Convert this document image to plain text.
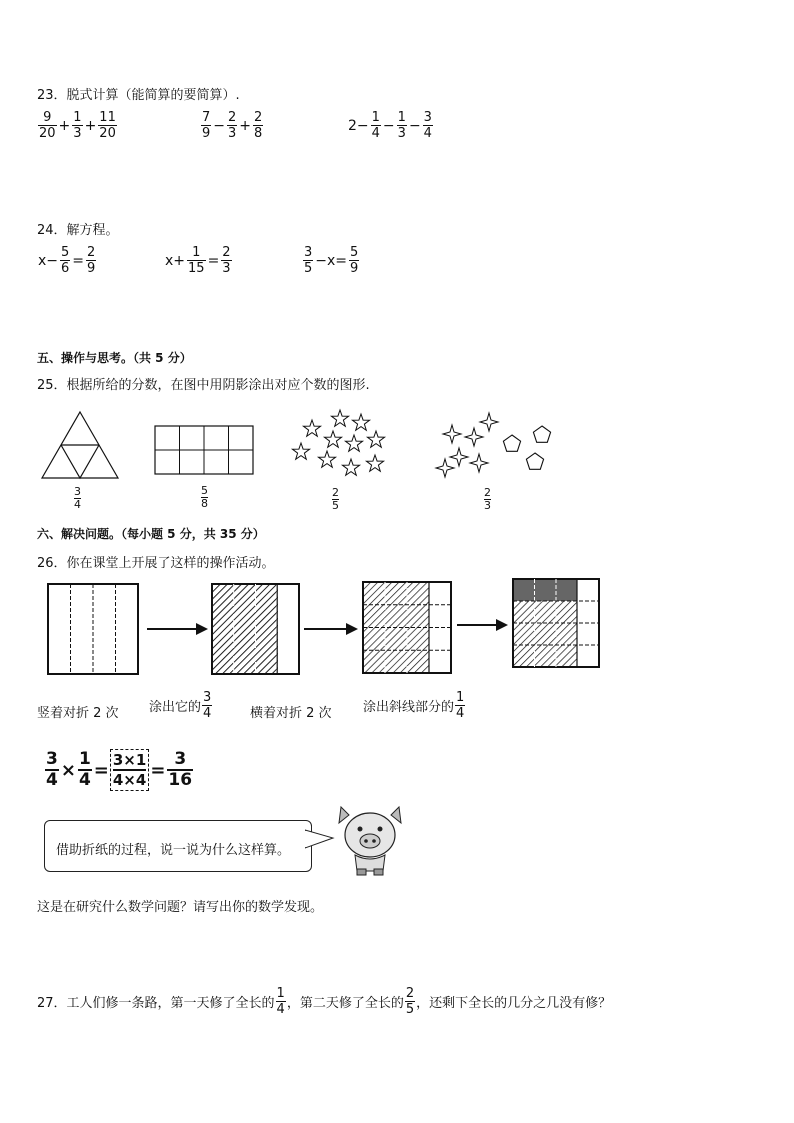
23．脱式计算（能简算的要简算）.
$\frac{9}{20} + \frac{1}{3} + \frac{11}{20}$	$\frac{7}{9} - \frac{2}{3} + \frac{2}{8}$	$2- \frac{1}{4} - \frac{1}{3} - \frac{3}{4}$
24．解方程。
$x- \frac{5}{6} = \frac{2}{9}$	$x+ \frac{1}{15} = \frac{2}{3}$	$\frac{3}{5} -x= \frac{5}{9}$
五、操作与思考。（共 5 分）
25．根据所给的分数，在图中用阴影涂出对应个数的图形.
3
4
5
8
2
5
2
3
六、解决问题。（每小题 5 分，共 35 分）
26．你在课堂上开展了这样的操作活动。
竖着对折 2 次 涂出它的 $\frac{3}{4}$	横着对折 2 次 涂出斜线部分的 $\frac{1}{4}$
$\frac{3}{4} \times \frac{1}{4} = \frac{3\times 1}{4\times 4} = \frac{3}{16}$
借助折纸的过程，说一说为什么这样算。
这是在研究什么数学问题？请写出你的数学发现。
27．工人们修一条路，第一天修了全长的 $\frac{1}{4}$ ，第二天修了全长的 $\frac{2}{5}$ ，还剩下全长的几分之几没有修？
